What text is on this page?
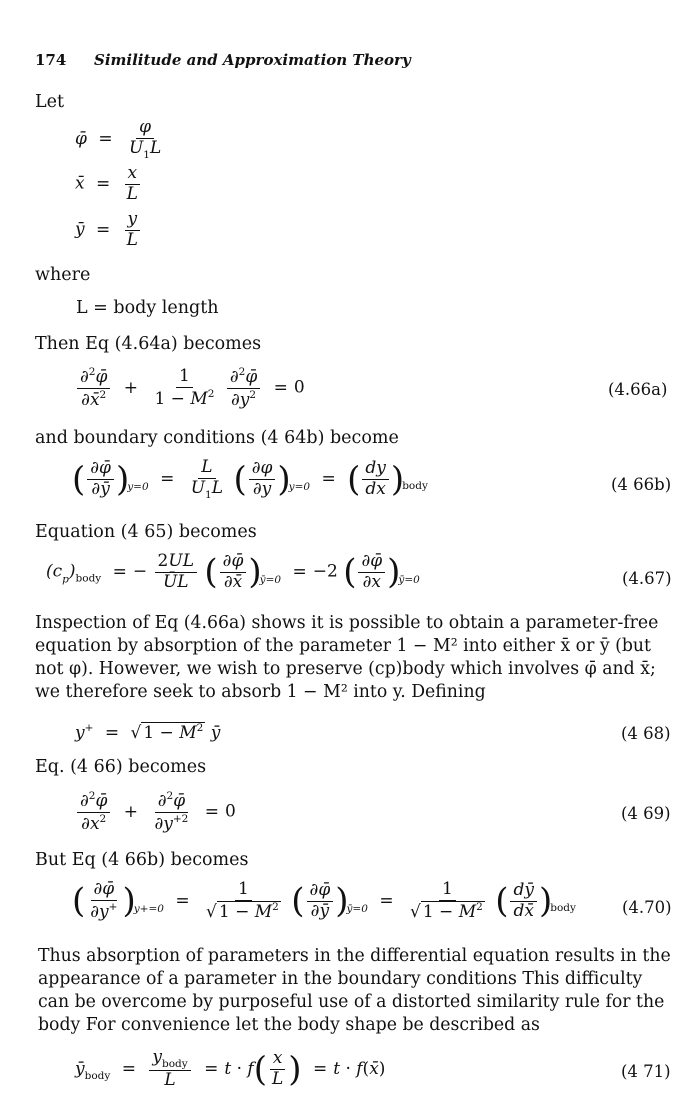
174 Similitude and Approximation Theory
Let
φ̄ = $\frac{\varphi}{U_1L}$
x̄ = $\frac{x}{L}$
ȳ = $\frac{y}{L}$
where
L = body length
Then Eq (4.64a) becomes
$\frac{\partial^2\varphī}{\partial x̄^2} + \frac{1}{1 - M^2}$
$\frac{\partial^2\varphī}{\partial y^2} = 0$	(4.66a)
and boundary conditions (4 64b) become
( $\frac{\partial\varphī}{\partial ȳ} )_{y=0} = \frac{L}{U_1L}$ ( $\frac{\partial\varphi}{\partial y} )_{y=0}$ = ( $\frac{dy}{dx} )_{body}$	(4 66b)
Equation (4 65) becomes
$(c_p)_{body}$ = − $\frac{2UL}{ŪL}$ ( $\frac{\partial\varphī}{\partial x̄} )_{ȳ=0} = -2$ ( $\frac{\partial\varphī}{\partial x} )_{ȳ=0}$	(4.67)
Inspection of Eq (4.66a) shows it is possible to obtain a parameter-free
equation by absorption of the parameter 1 − M² into either x̄ or ȳ (but
not φ). However, we wish to preserve (cp)body which involves φ̄ and x̄;
we therefore seek to absorb 1 − M² into y. Defining
y+ = √ $1 - M^2$ ȳ	(4 68)
Eq. (4 66) becomes
$\frac{\partial^2\varphī}{\partial x^2} + \frac{\partial^2\varphī}{\partial y^{+2}} = 0$	(4 69)
But Eq (4 66b) becomes
( $\frac{\partial\varphī}{\partial y^+} )_{y+=0} = \frac{1}{√ 1 - M^2}$ ( $\frac{\partial\varphī}{\partial ȳ} )_{ȳ=0} = \frac{1}{√ 1 - M^2}$ ( $\frac{dȳ}{dx̄} )_{body}$	(4.70)
Thus absorption of parameters in the differential equation results in the
appearance of a parameter in the boundary conditions This difficulty
can be overcome by purposeful use of a distorted similarity rule for the
body For convenience let the body shape be described as
$ȳ_{body} = \frac{y_{body}}{L} = t \cdot f( \frac{x}{L}$ ) = t · f(x̄)	(4 71)
